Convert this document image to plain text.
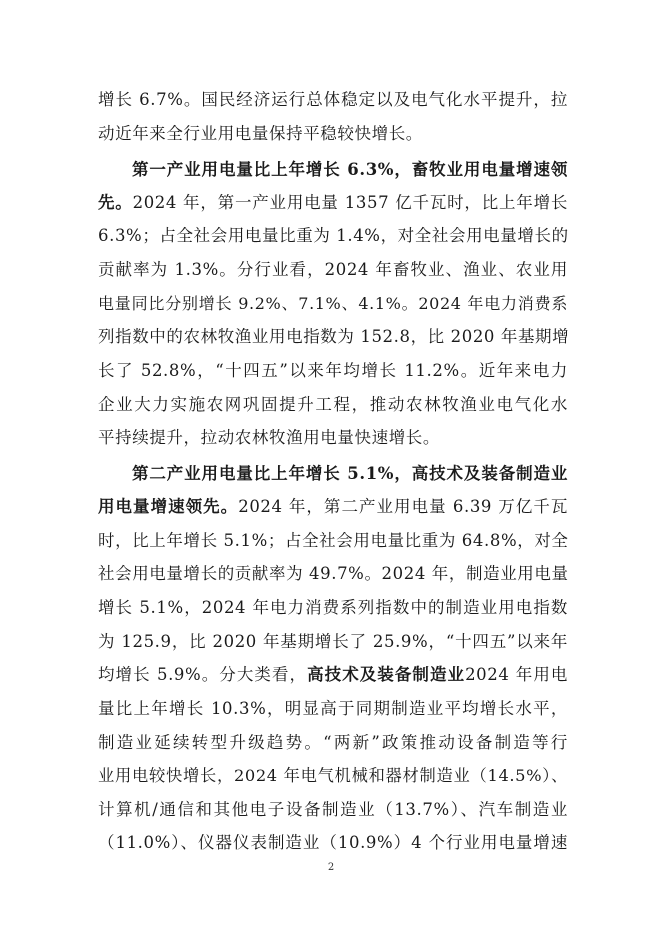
增长 6.7%。国民经济运行总体稳定以及电气化水平提升，拉
动近年来全行业用电量保持平稳较快增长。
第一产业用电量比上年增长 6.3%，畜牧业用电量增速领
先。2024 年，第一产业用电量 1357 亿千瓦时，比上年增长
6.3%；占全社会用电量比重为 1.4%，对全社会用电量增长的
贡献率为 1.3%。分行业看，2024 年畜牧业、渔业、农业用
电量同比分别增长 9.2%、7.1%、4.1%。2024 年电力消费系
列指数中的农林牧渔业用电指数为 152.8，比 2020 年基期增
长了 52.8%，“十四五”以来年均增长 11.2%。近年来电力
企业大力实施农网巩固提升工程，推动农林牧渔业电气化水
平持续提升，拉动农林牧渔用电量快速增长。
第二产业用电量比上年增长 5.1%，高技术及装备制造业
用电量增速领先。2024 年，第二产业用电量 6.39 万亿千瓦
时，比上年增长 5.1%；占全社会用电量比重为 64.8%，对全
社会用电量增长的贡献率为 49.7%。2024 年，制造业用电量
增长 5.1%，2024 年电力消费系列指数中的制造业用电指数
为 125.9，比 2020 年基期增长了 25.9%，“十四五”以来年
均增长 5.9%。分大类看，高技术及装备制造业2024 年用电
量比上年增长 10.3%，明显高于同期制造业平均增长水平，
制造业延续转型升级趋势。“两新”政策推动设备制造等行
业用电较快增长，2024 年电气机械和器材制造业（14.5%）、
计算机/通信和其他电子设备制造业（13.7%）、汽车制造业
（11.0%）、仪器仪表制造业（10.9%）4 个行业用电量增速
2
